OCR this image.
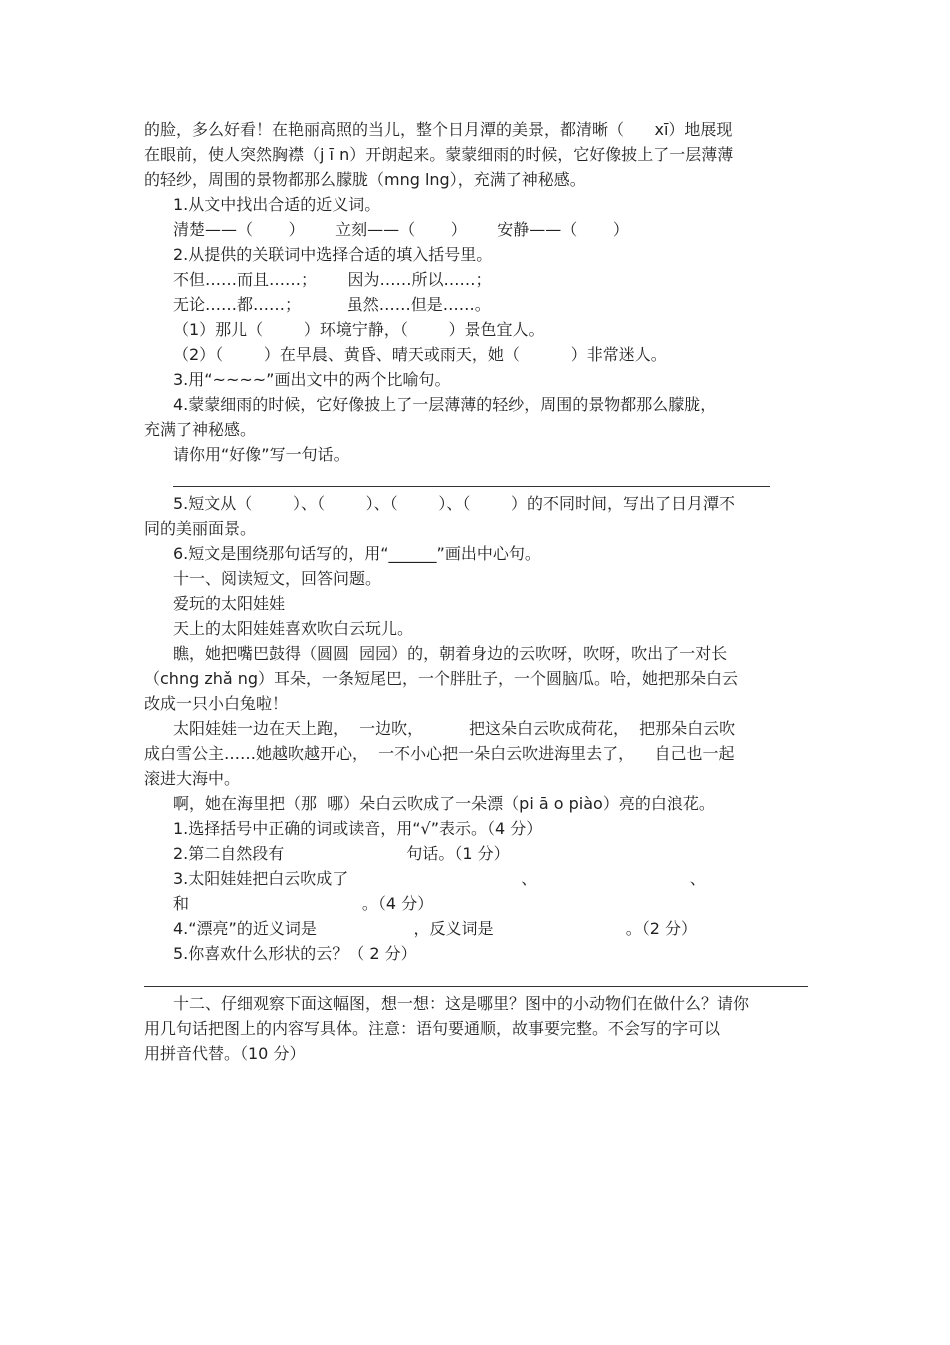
的脸，多么好看！在艳丽高照的当儿，整个日月潭的美景，都清晰（      xī）地展现
在眼前，使人突然胸襟（j ī n）开朗起来。蒙蒙细雨的时候，它好像披上了一层薄薄
的轻纱，周围的景物都那么朦胧（mng lng），充满了神秘感。
1.从文中找出合适的近义词。
清楚——（       ）      立刻——（       ）      安静——（       ）
2.从提供的关联词中选择合适的填入括号里。
不但……而且……；      因为……所以……；
无论……都……；         虽然……但是……。
（1）那儿（        ）环境宁静，（        ）景色宜人。
（2）（        ）在早晨、黄昏、晴天或雨天，她（          ）非常迷人。
3.用“~~~~”画出文中的两个比喻句。
4.蒙蒙细雨的时候，它好像披上了一层薄薄的轻纱，周围的景物都那么朦胧，
充满了神秘感。
请你用“好像”写一句话。
5.短文从（        ）、（        ）、（        ）、（        ）的不同时间，写出了日月潭不
同的美丽面景。
6.短文是围绕那句话写的，用“______”画出中心句。
十一、阅读短文，回答问题。
爱玩的太阳娃娃
天上的太阳娃娃喜欢吹白云玩儿。
瞧，她把嘴巴鼓得（圆圆  园园）的，朝着身边的云吹呀，吹呀，吹出了一对长
（chng zhǎ ng）耳朵，一条短尾巴，一个胖肚子，一个圆脑瓜。哈，她把那朵白云
改成一只小白兔啦！
太阳娃娃一边在天上跑，  一边吹，         把这朵白云吹成荷花，  把那朵白云吹
成白雪公主……她越吹越开心，  一不小心把一朵白云吹进海里去了，    自己也一起
滚进大海中。
啊，她在海里把（那  哪）朵白云吹成了一朵漂（pi ā o piào）亮的白浪花。
1.选择括号中正确的词或读音，用“√”表示。（4 分）
2.第二自然段有                        句话。（1 分）
3.太阳娃娃把白云吹成了                                  、                              、
和                                  。（4 分）
4.“漂亮”的近义词是                   ，反义词是                          。（2 分）
5.你喜欢什么形状的云？（ 2 分）
十二、仔细观察下面这幅图，想一想：这是哪里？图中的小动物们在做什么？请你
用几句话把图上的内容写具体。注意：语句要通顺，故事要完整。不会写的字可以
用拼音代替。（10 分）
